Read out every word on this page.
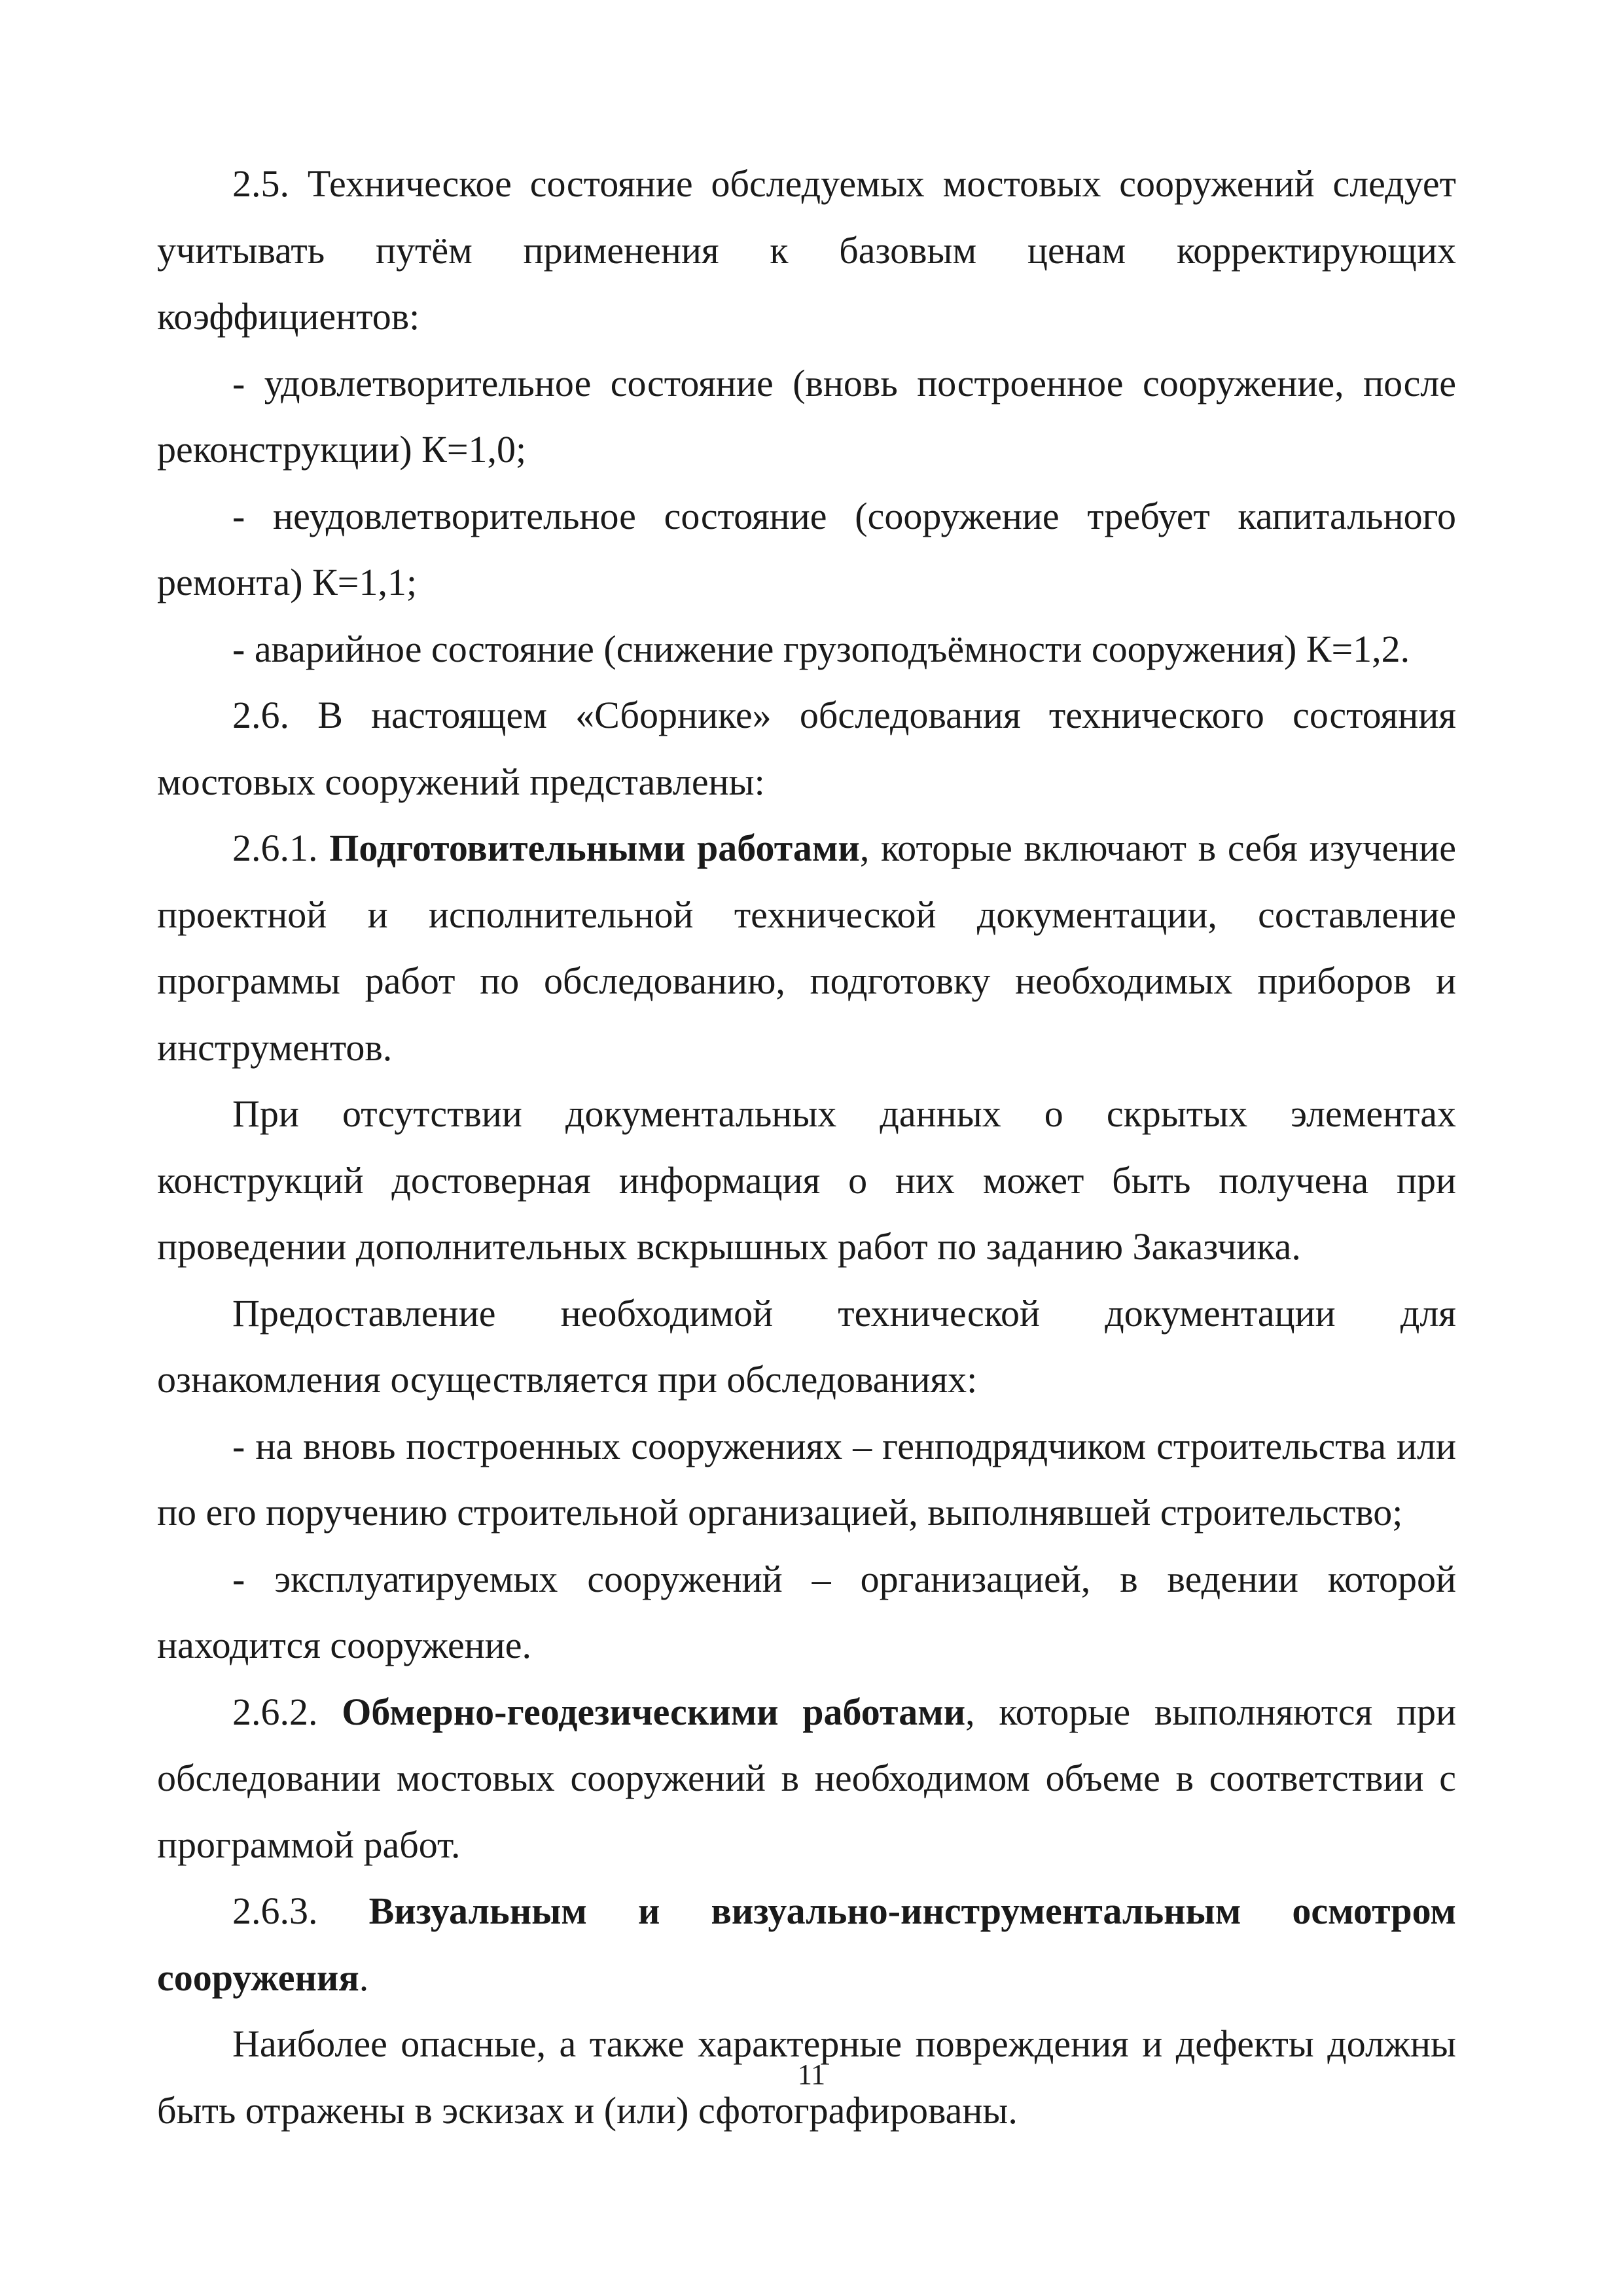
2.5. Техническое состояние обследуемых мостовых сооружений следует учитывать путём применения к базовым ценам корректирующих коэффициентов:

- удовлетворительное состояние (вновь построенное сооружение, после реконструкции) К=1,0;

- неудовлетворительное состояние (сооружение требует капитального ремонта) К=1,1;

- аварийное состояние (снижение грузоподъёмности сооружения) К=1,2.

2.6. В настоящем «Сборнике» обследования технического состояния мостовых сооружений представлены:

2.6.1. Подготовительными работами, которые включают в себя изучение проектной и исполнительной технической документации, составление программы работ по обследованию, подготовку необходимых приборов и инструментов.

При отсутствии документальных данных о скрытых элементах конструкций достоверная информация о них может быть получена при проведении дополнительных вскрышных работ по заданию Заказчика.

Предоставление необходимой технической документации для ознакомления осуществляется при обследованиях:

- на вновь построенных сооружениях – генподрядчиком строительства или по его поручению строительной организацией, выполнявшей строительство;

- эксплуатируемых сооружений – организацией, в ведении которой находится сооружение.

2.6.2. Обмерно-геодезическими работами, которые выполняются при обследовании мостовых сооружений в необходимом объеме в соответствии с программой работ.

2.6.3. Визуальным и визуально-инструментальным осмотром сооружения.

Наиболее опасные, а также характерные повреждения и дефекты должны быть отражены в эскизах и (или) сфотографированы.

11
